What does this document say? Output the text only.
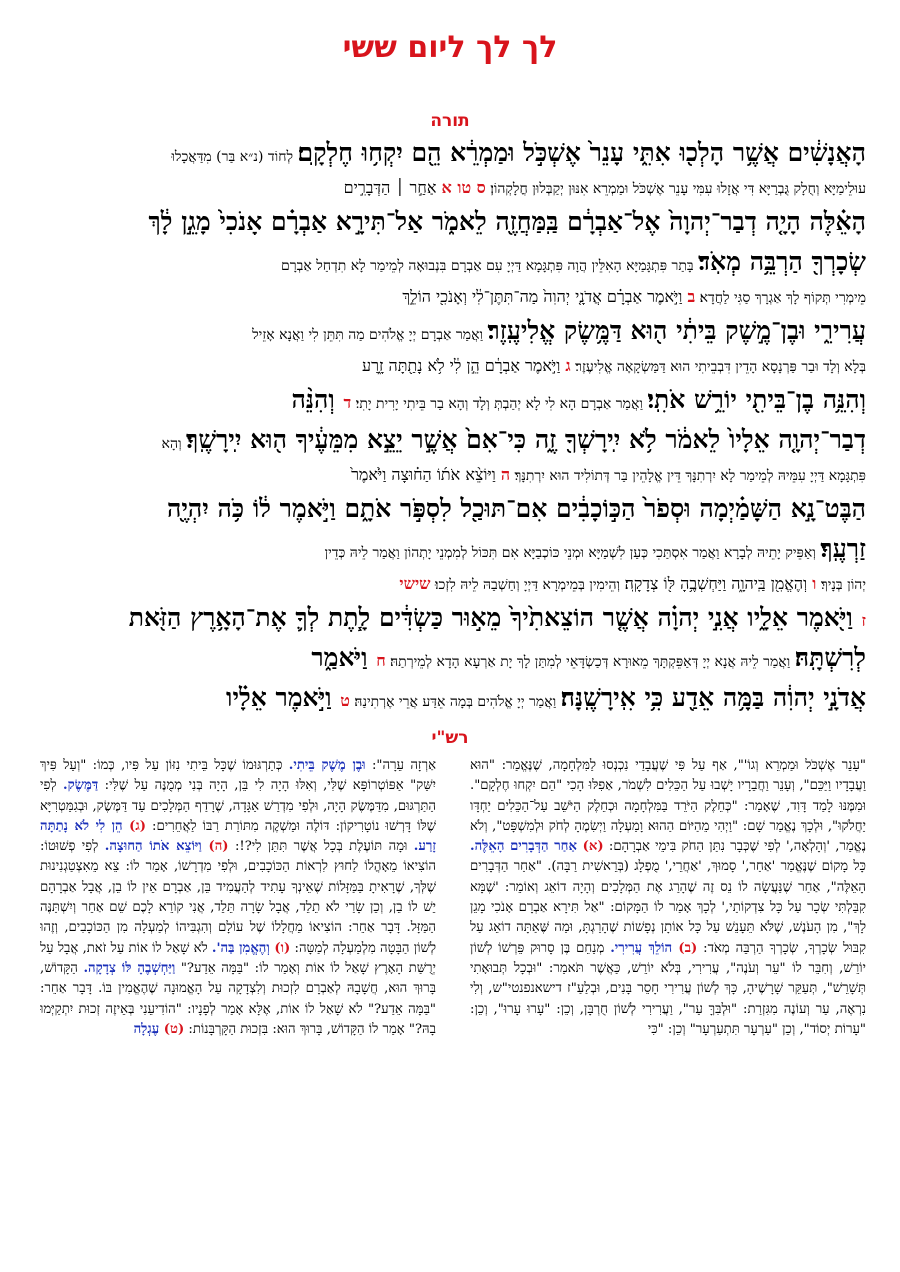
לך לך ליום ששי
תורה
הָאֲנָשִׁ֔ים אֲשֶׁ֥ר הָלְכ֖וּ אִתִּ֑י עָנֵר֙ אֶשְׁכֹּ֣ל וּמַמְרֵ֔א הֵ֖ם יִקְח֥וּ חֶלְקָֽם׃ לְחוֹד (נ״א בַּר) מִדַּאֲכָלוּ
עוּלֵימַיָּא וְחֻלָק גֻּבְרַיָּא דִּי אֲזָלוּ עִמִּי עָנֵר אֶשְׁכֹּל וּמַמְרֵא אִנּוּן יְקַבְּלוּן חֳלָקְהוֹן׃ ס טו א אַחַ֣ר ׀ הַדְּבָרִ֣ים
הָאֵ֗לֶּה הָיָ֤ה דְבַר־יְהוָה֙ אֶל־אַבְרָ֔ם בַּֽמַּחֲזֶ֖ה לֵאמֹ֑ר אַל־תִּירָ֣א אַבְרָ֗ם אָנֹכִי֙ מָגֵ֣ן לָ֔ךְ
שְׂכָרְךָ֖ הַרְבֵּ֥ה מְאֹֽד׃ בָּתַר פִּתְגָּמַיָּא הָאִלֵּין הֲוָה פִּתְגָּמָא דַּיְיָ עִם אַבְרָם בִּנְבוּאָה לְמֵימַר לָא תִדְחַל אַבְרָם
מֵימְרִי תְּקוֹף לָךְ אַגְרָךְ סַגִּי לַחֲדָא׃ ב וַיֹּ֣אמֶר אַבְרָ֗ם אֲדֹנָ֤י יְהוִה֙ מַה־תִּתֶּן־לִ֔י וְאָנֹכִ֖י הוֹלֵ֣ךְ
עֲרִירִ֑י וּבֶן־מֶ֣שֶׁק בֵּיתִ֔י ה֖וּא דַּמֶּ֥שֶׂק אֱלִיעֶֽזֶר׃ וַאֲמַר אַבְרָם יְיָ אֱלֹהִים מַה תִּתֵּן לִי וַאֲנָא אָזֵיל
בְּלָא וְלָד וּבַר פַּרְנָסָא הָדֵין דִּבְבֵיתִי הוּא דַּמַּשְׂקָאָה אֱלִיעֶזֶר׃ ג וַיֹּ֣אמֶר אַבְרָ֔ם הֵ֣ן לִ֔י לֹ֥א נָתַ֖תָּה זָ֑רַע
וְהִנֵּ֥ה בֶן־בֵּיתִ֖י יוֹרֵ֥שׁ אֹתִֽי׃ וַאֲמַר אַבְרָם הָא לִי לָא יְהַבְתְּ וְלָד וְהָא בַר בֵּיתִי יָרִית יָתִי׃ ד וְהִנֵּ֨ה
דְבַר־יְהוָ֤ה אֵלָיו֙ לֵאמֹ֔ר לֹ֥א יִֽירָשְׁךָ֖ זֶ֑ה כִּי־אִם֙ אֲשֶׁ֣ר יֵצֵ֣א מִמֵּעֶ֔יךָ ה֖וּא יִֽירָשֶֽׁךָ׃ וְהָא
פִּתְגָּמָא דַּיְיָ עִמֵּיהּ לְמֵימַר לָא יִרְתִנָּךְ דֵּין אֱלָהֵין בַּר דְּתוֹלִיד הוּא יִרְתִנָּךְ׃ ה וַיּוֹצֵ֨א אֹת֜וֹ הַח֗וּצָה וַיֹּ֙אמֶר֙
הַבֶּט־נָ֣א הַשָּׁמַ֗יְמָה וּסְפֹר֙ הַכּ֣וֹכָבִ֔ים אִם־תּוּכַ֖ל לִסְפֹּ֣ר אֹתָ֑ם וַיֹּ֣אמֶר ל֔וֹ כֹּ֥ה יִהְיֶ֖ה
זַרְעֶֽךָ׃ וְאַפֵּיק יָתֵיהּ לְבָרָא וַאֲמַר אִסְתַּכִי כְּעַן לִשְׁמַיָּא וּמְנֵי כּוֹכְבַיָּא אִם תִּכּוֹל לְמִמְנֵי יָתְהוֹן וַאֲמַר לֵיהּ כְּדֵין
יְהוֹן בְּנָיךְ׃ ו וְהֶאֱמִ֖ן בַּֽיהוָ֑ה וַיַּחְשְׁבֶ֥הָ לּ֖וֹ צְדָקָֽה׃ וְהֵימִין בְּמֵימְרָא דַּיְיָ וְחַשְׁבַהּ לֵיהּ לִזְכוּ׃ שישי
ז וַיֹּ֖אמֶר אֵלָ֑יו אֲנִ֣י יְהוָ֗ה אֲשֶׁ֤ר הוֹצֵאתִ֙יךָ֙ מֵא֣וּר כַּשְׂדִּ֔ים לָ֧תֶת לְךָ֛ אֶת־הָאָ֥רֶץ הַזֹּ֖את
לְרִשְׁתָּֽהּ׃ וַאֲמַר לֵיהּ אֲנָא יְיָ דְּאַפֵּקְתָּךְ מֵאוּרָא דְּכַשְׂדָּאֵי לְמִתַּן לָךְ יָת אַרְעָא הָדָא לְמֵירְתַהּ׃ ח וַיֹּאמַ֑ר
אֲדֹנָ֣י יְהוִ֔ה בַּמָּ֥ה אֵדַ֖ע כִּ֥י אִֽירָשֶֽׁנָּה׃ וַאֲמַר יְיָ אֱלֹהִים בְּמָה אֵדַּע אֲרֵי אֶרְתִינַהּ׃ ט וַיֹּ֣אמֶר אֵלָ֗יו
רש"י

"עָנֵר אֶשְׁכֹּל וּמַמְרֵא וְגוֹ'", אַף עַל פִּי שֶׁעֲבָדַי נִכְנְסוּ לַמִּלְחָמָה, שֶׁנֶּאֱמַר: "הוּא וַעֲבָדָיו וַיַּכֵּם", וְעָנֵר וַחֲבֵרָיו יָשְׁבוּ עַל הַכֵּלִים לִשְׁמֹר, אַפִלּוּ הָכִי "הֵם יִקְחוּ חֶלְקָם". וּמִמֶּנּוּ לָמַד דָּוִד, שֶׁאָמַר: "כְּחֵלֶק הַיֹּרֵד בַּמִּלְחָמָה וּכְחֵלֶק הַיֹּשֵׁב עַל־הַכֵּלִים יַחְדָּו יַחֲלֹקוּ", וּלְכָךְ נֶאֱמַר שָׁם: "וַיְהִי מֵהַיּוֹם הַהוּא וָמַעְלָה וַיְשִׂמֶהָ לְחֹק וּלְמִשְׁפָּט", וְלֹא נֶאֱמַר, 'וְהָלְאָה,' לְפִי שֶׁכְּבָר נִתַּן הַחֹק בִּימֵי אַבְרָהָם: (א) אַחַר הַדְּבָרִים הָאֵלֶּה. כָּל מָקוֹם שֶׁנֶּאֱמַר 'אַחַר,' סָמוּךְ, 'אַחֲרֵי,' מֻפְלָג (בְּרֵאשִׁית רַבָּה). "אַחַר הַדְּבָרִים הָאֵלֶּה", אַחַר שֶׁנַּעֲשָׂה לוֹ נֵס זֶה שֶׁהָרַג אֶת הַמְּלָכִים וְהָיָה דוֹאֵג וְאוֹמֵר: 'שֶׁמָּא קִבַּלְתִּי שְׂכָר עַל כָּל צִדְקוֹתַי,' לְכָךְ אָמַר לוֹ הַמָּקוֹם: "אַל תִּירָא אַבְרָם אָנֹכִי מָגֵן לָךְ", מִן הָעֹנֶשׁ, שֶׁלֹּא תֵּעָנֵשׁ עַל כָּל אוֹתָן נְפָשׁוֹת שֶׁהָרַגְתָּ, וּמַה שֶּׁאַתָּה דוֹאֵג עַל קִבּוּל שְׂכָרְךָ, שְׂכָרְךָ הַרְבֵּה מְאֹד: (ב) הוֹלֵךְ עֲרִירִי. מְנַחֵם בֶּן סָרוּק פֵּרְשׁוֹ לְשׁוֹן יוֹרֵשׁ, וְחִבֵּר לוֹ "עֵר וְעֹנֶה", עֲרִירִי, בְּלֹא יוֹרֵשׁ, כַּאֲשֶׁר תֹּאמַר: "וּבְכָל תְּבוּאָתִי תְּשָׁרֵשׁ", תְּעַקֵּר שָׁרָשֶׁיהָ, כָּךְ לְשׁוֹן עֲרִירִי חָסֵר בָּנִים, וּבְלַעַ"ז דישאנפנטי"ש, וְלִי נִרְאֶה, עַר וְעוֹנֶה מִגִּזְרַת: "וּלְבִּךָּ עַר", וַעֲרִירִי לְשׁוֹן חֻרְבָּן, וְכֵן: "עָרוּ עָרוּ", וְכֵן: "עָרוֹת יְסוֹד", וְכֵן "עַרְעָר תִּתְעַרְעָר" וְכֵן: "כִּי

אַרְזָה עֵרָה": וּבֶן מֶשֶׁק בֵּיתִי. כְּתַרְגּוּמוֹ שֶׁכָּל בֵּיתִי נִזּוֹן עַל פִּיו, כְּמוֹ: "וְעַל פִּיךְ יִשַּׁק" אַפּוֹטְרוֹפָּא שֶׁלִּי, וְאִלּוּ הָיָה לִי בֵּן, הָיָה בְּנִי מְמֻנֶּה עַל שֶׁלִּי: דַּמֶּשֶׂק. לְפִי הַתַּרְגּוּם, מִדַּמֶּשֶׂק הָיָה, וּלְפִי מִדְרַשׁ אַגָּדָה, שֶׁרָדַף הַמְּלָכִים עַד דַּמֶּשֶׂק, וּבְגִמַּטְרִיָּא שֶׁלּוֹ דָּרְשׁוּ נוֹטָרִיקוֹן: דּוֹלֶה וּמַשְׁקֶה מִתּוֹרַת רַבּוֹ לַאֲחֵרִים: (ג) הֵן לִי לֹא נָתַתָּה זָרַע. וּמָה תּוֹעֶלֶת בְּכָל אֲשֶׁר תִּתֵּן לִי?!: (ה) וַיּוֹצֵא אֹתוֹ הַחוּצָה. לְפִי פְשׁוּטוֹ: הוֹצִיאוֹ מֵאָהֳלוֹ לַחוּץ לִרְאוֹת הַכּוֹכָבִים, וּלְפִי מִדְרָשׁוֹ, אָמַר לוֹ: צֵא מֵאִצְטַגְנִינוּת שֶׁלְּךָ, שֶׁרָאִיתָ בַּמַּזָּלוֹת שֶׁאֵינְךָ עָתִיד לְהַעֲמִיד בֵּן, אַבְרָם אֵין לוֹ בֵן, אֲבָל אַבְרָהָם יֵשׁ לוֹ בֵן, וְכֵן שָׂרַי לֹא תֵלֵד, אֲבָל שָׂרָה תֵּלֵד, אֲנִי קוֹרֵא לָכֶם שֵׁם אַחֵר וְיִשְׁתַּנֶּה הַמַּזָּל. דָּבָר אַחֵר: הוֹצִיאוֹ מֵחֲלָלוֹ שֶׁל עוֹלָם וְהִגְבִּיהוֹ לְמַעְלָה מִן הַכּוֹכָבִים, וְזֶהוּ לְשׁוֹן הַבָּטָה מִלְמַעְלָה לְמַטָּה: (ו) וְהֶאֱמִן בַּה'. לֹא שָׁאַל לוֹ אוֹת עַל זֹאת, אֲבָל עַל יְרֻשַּׁת הָאָרֶץ שָׁאַל לוֹ אוֹת וְאָמַר לוֹ: "בַּמָּה אֵדַע?" וַיַּחְשְׁבֶהָ לּוֹ צְדָקָה. הַקָּדוֹשׁ, בָּרוּךְ הוּא, חֲשָׁבָהּ לְאַבְרָם לִזְכוּת וְלִצְדָקָה עַל הָאֱמוּנָה שֶׁהֶאֱמִין בּוֹ. דָּבָר אַחֵר: "בַּמָּה אֵדַע?" לֹא שָׁאַל לוֹ אוֹת, אֶלָּא אָמַר לְפָנָיו: "הוֹדִיעֵנִי בְּאֵיזֶה זְכוּת יִתְקַיְּמוּ בָהּ?" אָמַר לוֹ הַקָּדוֹשׁ, בָּרוּךְ הוּא: בִּזְכוּת הַקָּרְבָּנוֹת: (ט) עֶגְלָה
